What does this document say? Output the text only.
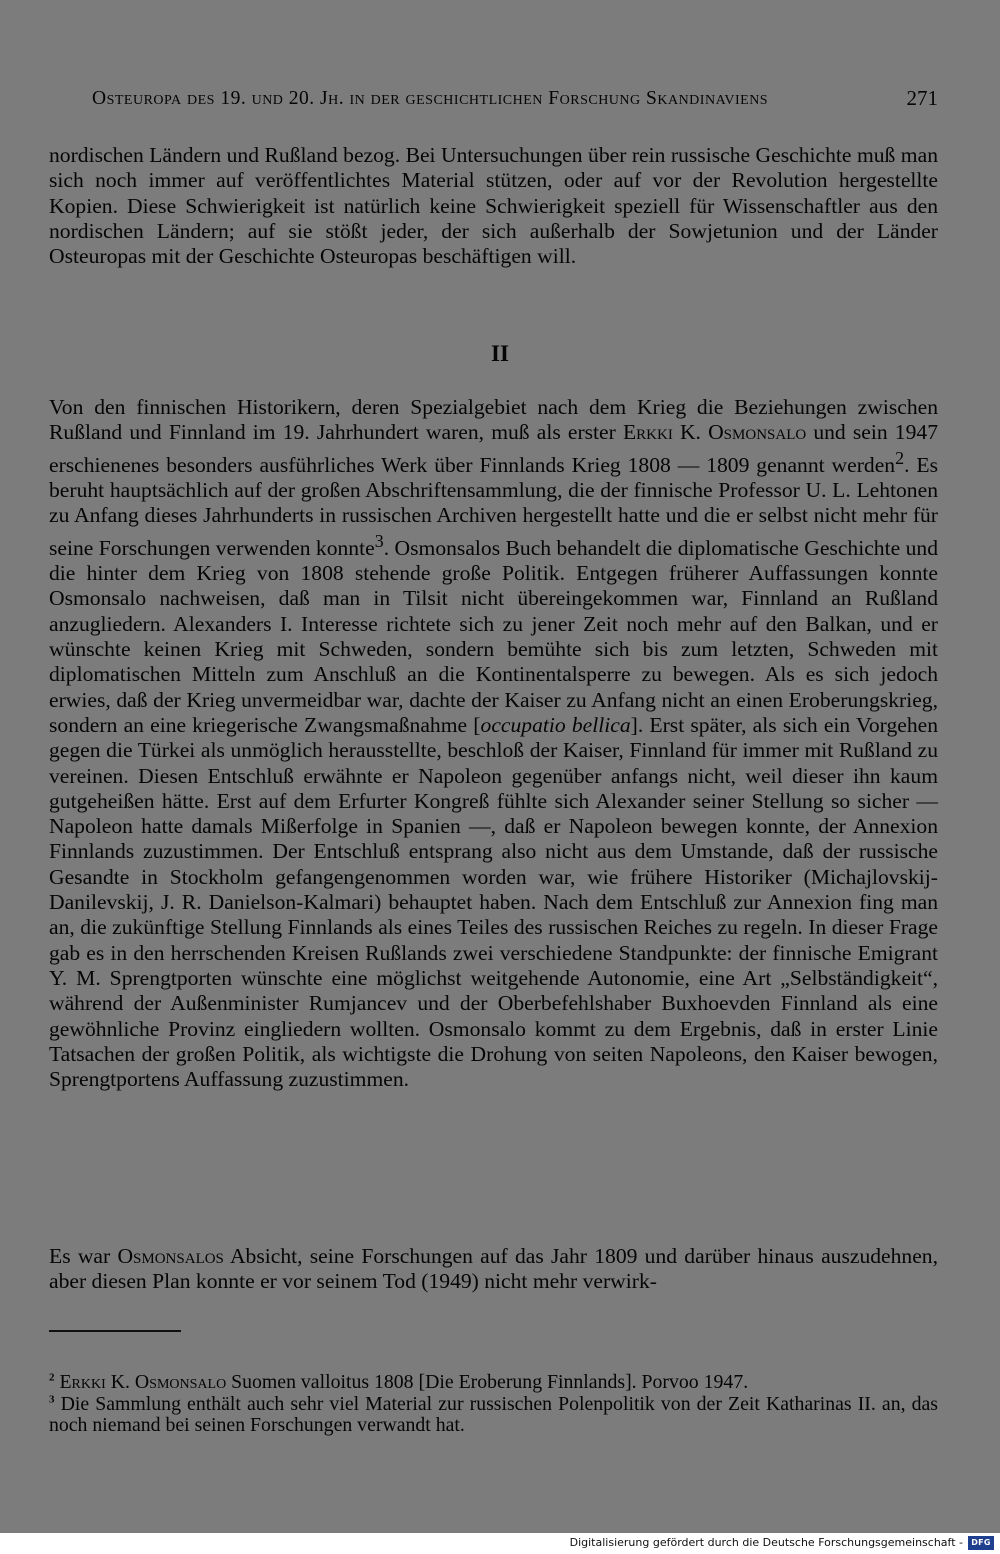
Osteuropa des 19. und 20. Jh. in der geschichtlichen Forschung Skandinaviens	271
nordischen Ländern und Rußland bezog. Bei Untersuchungen über rein russische Geschichte muß man sich noch immer auf veröffentlichtes Material stützen, oder auf vor der Revolution hergestellte Kopien. Diese Schwierigkeit ist natürlich keine Schwierigkeit speziell für Wissenschaftler aus den nordischen Ländern; auf sie stößt jeder, der sich außerhalb der Sowjetunion und der Länder Osteuropas mit der Geschichte Osteuropas beschäftigen will.
II
Von den finnischen Historikern, deren Spezialgebiet nach dem Krieg die Beziehungen zwischen Rußland und Finnland im 19. Jahrhundert waren, muß als erster Erkki K. Osmonsalo und sein 1947 erschienenes besonders ausführliches Werk über Finnlands Krieg 1808 — 1809 genannt werden$^2$. Es beruht hauptsächlich auf der großen Abschriftensammlung, die der finnische Professor U. L. Lehtonen zu Anfang dieses Jahrhunderts in russischen Archiven hergestellt hatte und die er selbst nicht mehr für seine Forschungen verwenden konnte$^3$. Osmonsalos Buch behandelt die diplomatische Geschichte und die hinter dem Krieg von 1808 stehende große Politik. Entgegen früherer Auffassungen konnte Osmonsalo nachweisen, daß man in Tilsit nicht übereingekommen war, Finnland an Rußland anzugliedern. Alexanders I. Interesse richtete sich zu jener Zeit noch mehr auf den Balkan, und er wünschte keinen Krieg mit Schweden, sondern bemühte sich bis zum letzten, Schweden mit diplomatischen Mitteln zum Anschluß an die Kontinentalsperre zu bewegen. Als es sich jedoch erwies, daß der Krieg unvermeidbar war, dachte der Kaiser zu Anfang nicht an einen Eroberungskrieg, sondern an eine kriegerische Zwangsmaßnahme [occupatio bellica]. Erst später, als sich ein Vorgehen gegen die Türkei als unmöglich herausstellte, beschloß der Kaiser, Finnland für immer mit Rußland zu vereinen. Diesen Entschluß erwähnte er Napoleon gegenüber anfangs nicht, weil dieser ihn kaum gutgeheißen hätte. Erst auf dem Erfurter Kongreß fühlte sich Alexander seiner Stellung so sicher — Napoleon hatte damals Mißerfolge in Spanien —, daß er Napoleon bewegen konnte, der Annexion Finnlands zuzustimmen. Der Entschluß entsprang also nicht aus dem Umstande, daß der russische Gesandte in Stockholm gefangengenommen worden war, wie frühere Historiker (Michajlovskij-Danilevskij, J. R. Danielson-Kalmari) behauptet haben. Nach dem Entschluß zur Annexion fing man an, die zukünftige Stellung Finnlands als eines Teiles des russischen Reiches zu regeln. In dieser Frage gab es in den herrschenden Kreisen Rußlands zwei verschiedene Standpunkte: der finnische Emigrant Y. M. Sprengtporten wünschte eine möglichst weitgehende Autonomie, eine Art „Selbständigkeit“, während der Außenminister Rumjancev und der Oberbefehlshaber Buxhoevden Finnland als eine gewöhnliche Provinz eingliedern wollten. Osmonsalo kommt zu dem Ergebnis, daß in erster Linie Tatsachen der großen Politik, als wichtigste die Drohung von seiten Napoleons, den Kaiser bewogen, Sprengtportens Auffassung zuzustimmen.
Es war Osmonsalos Absicht, seine Forschungen auf das Jahr 1809 und darüber hinaus auszudehnen, aber diesen Plan konnte er vor seinem Tod (1949) nicht mehr verwirk-
$^2$ Erkki K. Osmonsalo Suomen valloitus 1808 [Die Eroberung Finnlands]. Porvoo 1947.
$^3$ Die Sammlung enthält auch sehr viel Material zur russischen Polenpolitik von der Zeit Katharinas II. an, das noch niemand bei seinen Forschungen verwandt hat.
Digitalisierung gefördert durch die Deutsche Forschungsgemeinschaft -	DFG
